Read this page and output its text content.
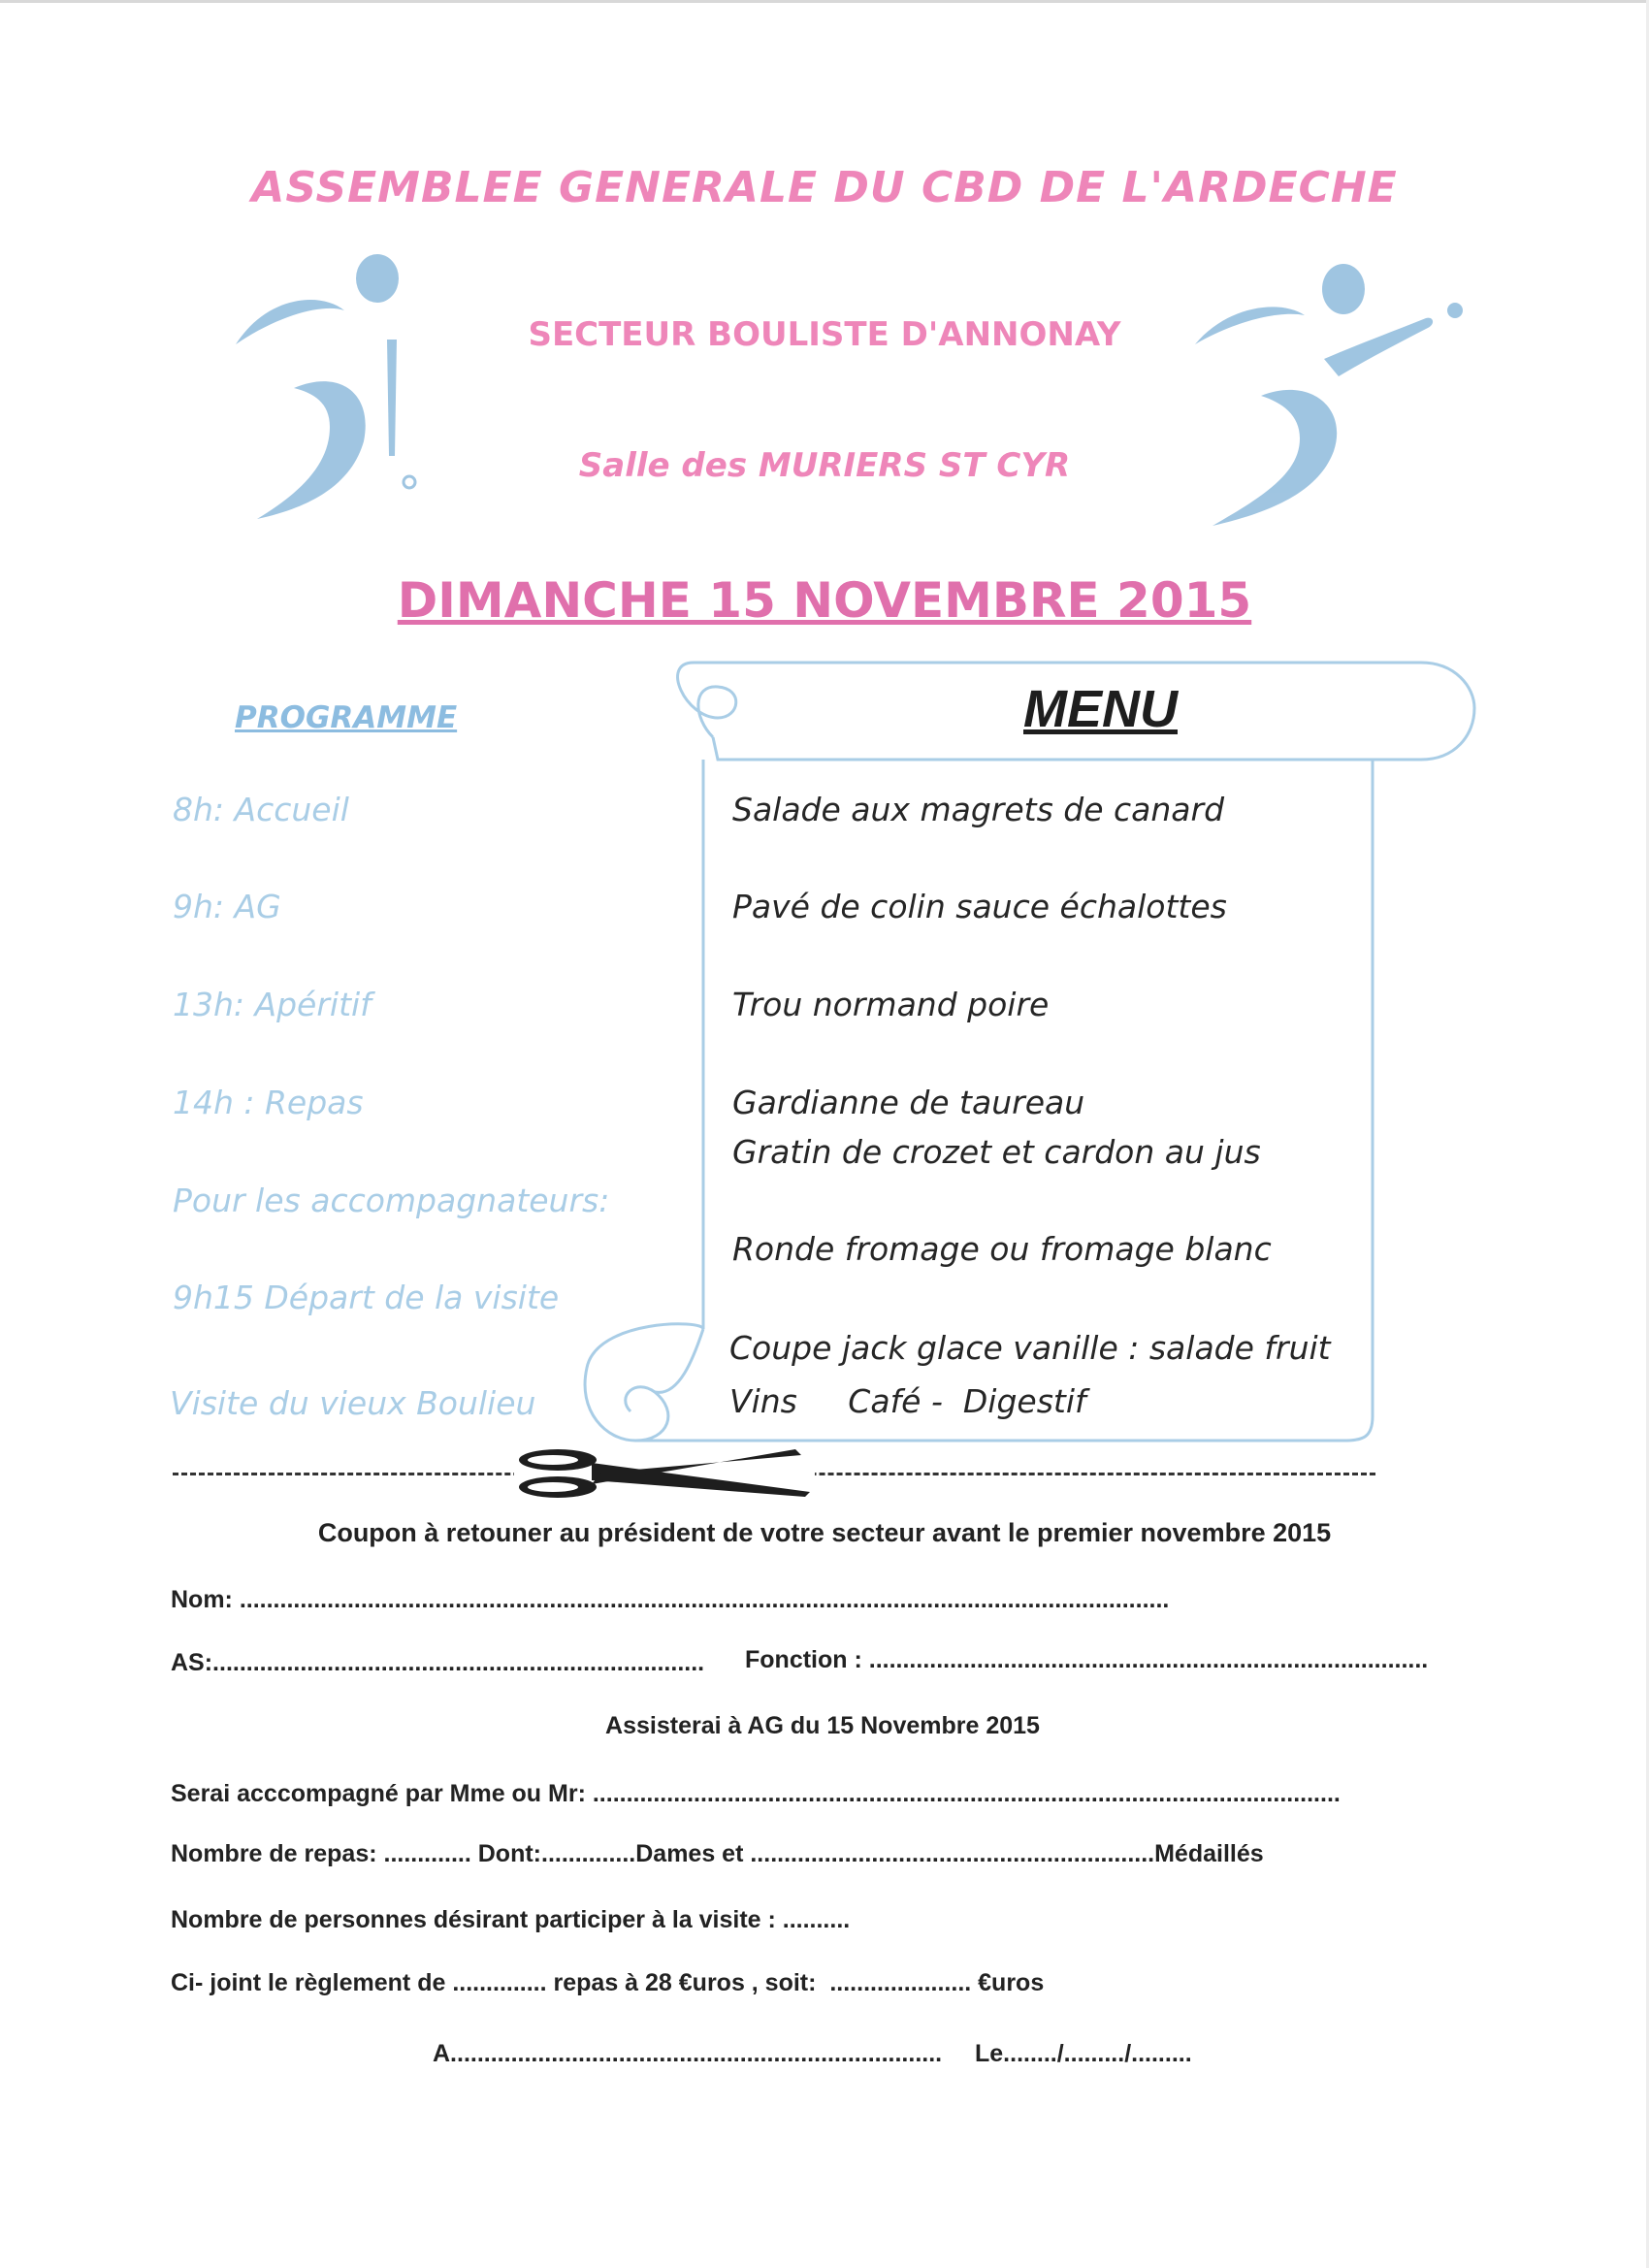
ASSEMBLEE GENERALE DU CBD DE L'ARDECHE
SECTEUR BOULISTE D'ANNONAY
Salle des MURIERS ST CYR
DIMANCHE 15 NOVEMBRE 2015
PROGRAMME
8h: Accueil
9h: AG
13h: Apéritif
14h : Repas
Pour les accompagnateurs:
9h15 Départ de la visite
Visite du vieux Boulieu
MENU
Salade aux magrets de canard
Pavé de colin sauce échalottes
Trou normand poire
Gardianne de taureau
Gratin de crozet et cardon au jus
Ronde fromage ou fromage blanc
Coupe jack glace vanille : salade fruit
Vins     Café -  Digestif
Coupon à retouner au président de votre secteur avant le premier novembre 2015
Nom: ..........................................................................................................................................
AS:......................................................................... Fonction : ...................................................................................
Assisterai à AG du 15 Novembre 2015
Serai acccompagné par Mme ou Mr: ...............................................................................................................
Nombre de repas: ............. Dont:..............Dames et ............................................................Médaillés
Nombre de personnes désirant participer à la visite : ..........
Ci- joint le règlement de .............. repas à 28 €uros , soit:  ..................... €uros
A......................................................................... Le......../........./.........
